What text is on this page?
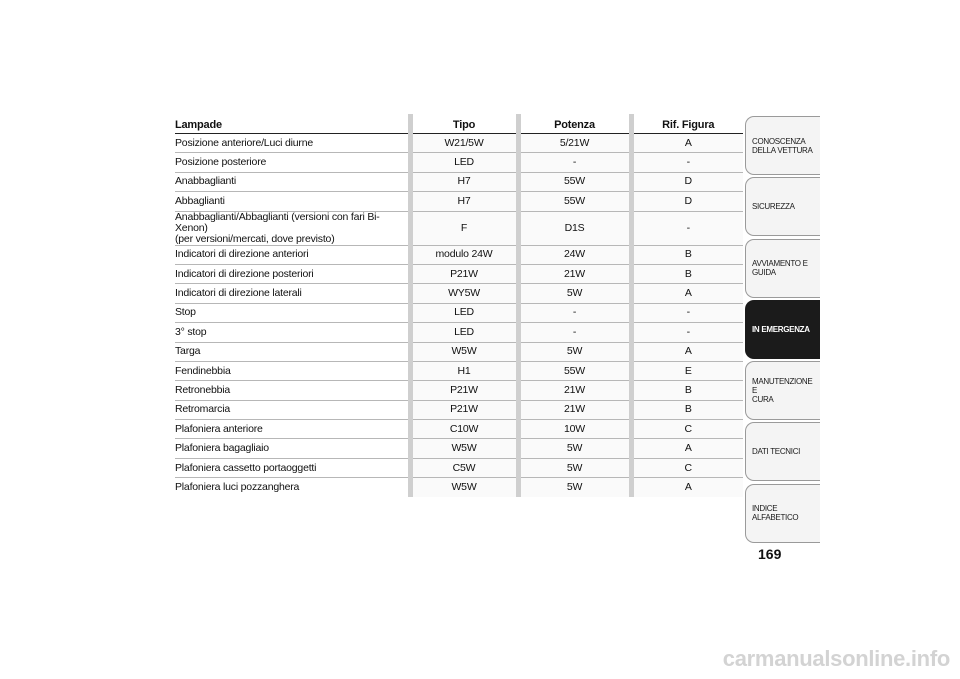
Lampade	Tipo	Potenza	Rif. Figura
Posizione anteriore/Luci diurne	W21/5W	5/21W	A
Posizione posteriore	LED	-	-
Anabbaglianti	H7	55W	D
Abbaglianti	H7	55W	D
Anabbaglianti/Abbaglianti (versioni con fari Bi-Xenon)
(per versioni/mercati, dove previsto)	F	D1S	-
Indicatori di direzione anteriori	modulo 24W	24W	B
Indicatori di direzione posteriori	P21W	21W	B
Indicatori di direzione laterali	WY5W	5W	A
Stop	LED	-	-
3° stop	LED	-	-
Targa	W5W	5W	A
Fendinebbia	H1	55W	E
Retronebbia	P21W	21W	B
Retromarcia	P21W	21W	B
Plafoniera anteriore	C10W	10W	C
Plafoniera bagagliaio	W5W	5W	A
Plafoniera cassetto portaoggetti	C5W	5W	C
Plafoniera luci pozzanghera	W5W	5W	A
CONOSCENZA
DELLA VETTURA
SICUREZZA
AVVIAMENTO E
GUIDA
IN EMERGENZA
MANUTENZIONE E
CURA
DATI TECNICI
INDICE ALFABETICO
169
carmanualsonline.info
